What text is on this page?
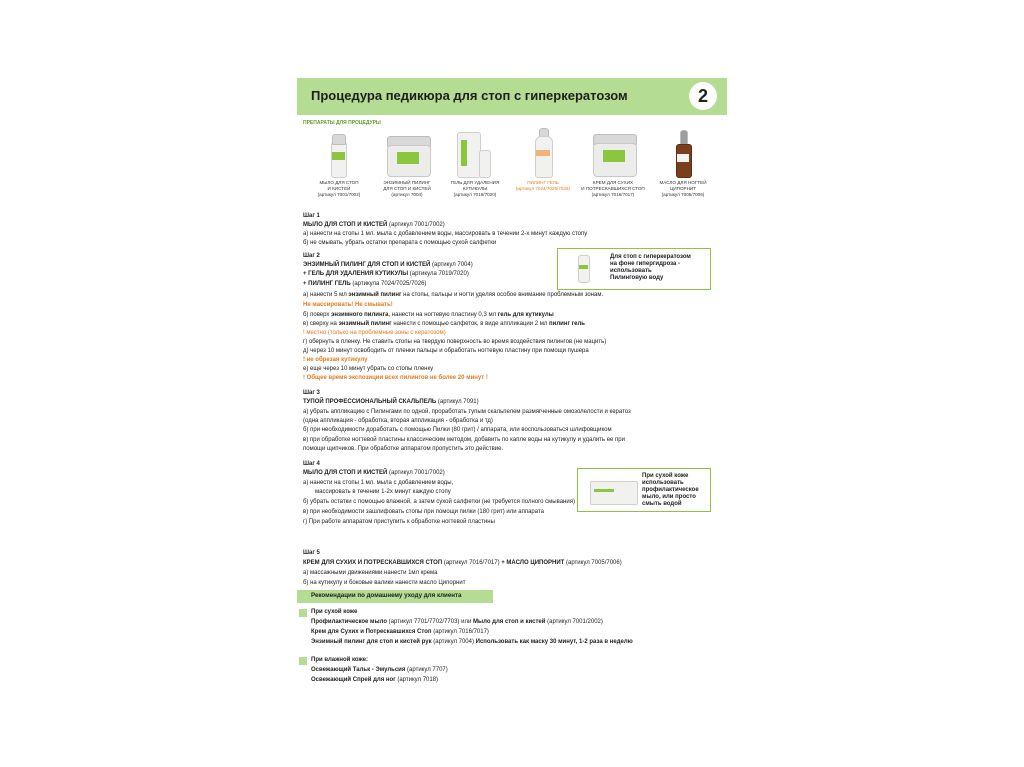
Процедура педикюра для стоп с гиперкератозом	2
ПРЕПАРАТЫ ДЛЯ ПРОЦЕДУРЫ
МЫЛО ДЛЯ СТОП
И КИСТЕЙ
(артикул 7001/7002)
ЭНЗИМНЫЙ ПИЛИНГ
ДЛЯ СТОП И КИСТЕЙ
(артикул 7004)
ГЕЛЬ ДЛЯ УДАЛЕНИЯ
КУТИКУЛЫ
(артикул 7019/7020)
ПИЛИНГ ГЕЛЬ
(артикул 7024/7025/7026)
КРЕМ ДЛЯ СУХИХ
И ПОТРЕСКАВШИХСЯ СТОП
(артикул 7016/7017)
МАСЛО ДЛЯ НОГТЕЙ
ЦИПОРНИТ
(артикул 7005/7006)
Шаг 1
МЫЛО ДЛЯ СТОП И КИСТЕЙ (артикул 7001/7002)
а) нанести на стопы 1 мл. мыла с добавлением воды, массировать в течении 2-х минут каждую стопу
б) не смывать, убрать остатки препарата с помощью сухой салфетки
Шаг 2
ЭНЗИМНЫЙ ПИЛИНГ ДЛЯ СТОП И КИСТЕЙ (артикул 7004)
+ ГЕЛЬ ДЛЯ УДАЛЕНИЯ КУТИКУЛЫ (артикула 7019/7020)
+ ПИЛИНГ ГЕЛЬ (артикула 7024/7025/7026)
а) нанести 5 мл энзимный пилинг на стопы, пальцы и ногти уделяя особое внимание проблемным зонам.
Не массировать! Не смывать!
б) поверх энзимного пилинга, нанести на ногтевую пластину 0,3 мл гель для кутикулы
в) сверху на энзимный пилинг нанести с помощью салфеток, в виде аппликации 2 мл пилинг гель
! местно (только на проблемные зоны с кератозом)
г) обернуть в пленку. Не ставить стопы на твердую поверхность во время воздействия пилингов (не мацить)
д) через 10 минут освободить от пленки пальцы и обработать ногтевую пластину при помощи пушера
! не обрезая кутикулу
е) еще через 10 минут убрать со стопы пленку
! Общее время экспозиции всех пилингов не более 20 минут !
Для стоп с гиперкератозом
на фоне гипергидроза -
использовать
Пилинговую воду
Шаг 3
ТУПОЙ ПРОФЕССИОНАЛЬНЫЙ СКАЛЬПЕЛЬ (артикул 7091)
а) убрать аппликацию с Пилингами по одной, проработать тупым скальпелем размягченные омозолелости и кератоз
(одна аппликация - обработка, вторая аппликация - обработка и тд)
б) при необходимости доработать с помощью Пилки (80 грит) / аппарата, или воспользоваться шлифовщиком
в) при обработке ногтевой пластины классическим методом, добавить по капле воды на кутикулу и удалить ее при
помощи щипчиков. При обработке аппаратом пропустить это действие.
Шаг 4
МЫЛО ДЛЯ СТОП И КИСТЕЙ (артикул 7001/7002)
а) нанести на стопы 1 мл. мыла с добавлением воды,
массировать в течении 1-2х минут каждую стопу
б) убрать остатки с помощью влажной, а затем сухой салфетки (не требуется полного смывания)
в) при необходимости зашлифовать стопы при помощи пилки (180 грит) или аппарата
г) При работе аппаратом приступить к обработке ногтевой пластины
При сухой коже
использовать
профилактическое
мыло, или просто
смыть водой
Шаг 5
КРЕМ ДЛЯ СУХИХ И ПОТРЕСКАВШИХСЯ СТОП (артикул 7016/7017) + МАСЛО ЦИПОРНИТ (артикул 7005/7006)
а) массажными движениями нанести 1мл крема
б) на кутикулу и боковые валики нанести масло Ципорнит
Рекомендации по домашнему уходу для клиента
При сухой коже
Профилактическое мыло (артикул 7701/7702/7703) или Мыло для стоп и кистей (артикул 7001/2002)
Крем для Сухих и Потрескавшихся Стоп (артикул 7016/7017)
Энзимный пилинг для стоп и кистей рук (артикул 7004) Использовать как маску 30 минут, 1-2 раза в неделю
При влажной коже:
Освежающий Тальк - Эмульсия (артикул 7707)
Освежающий Спрей для ног (артикул 7018)
